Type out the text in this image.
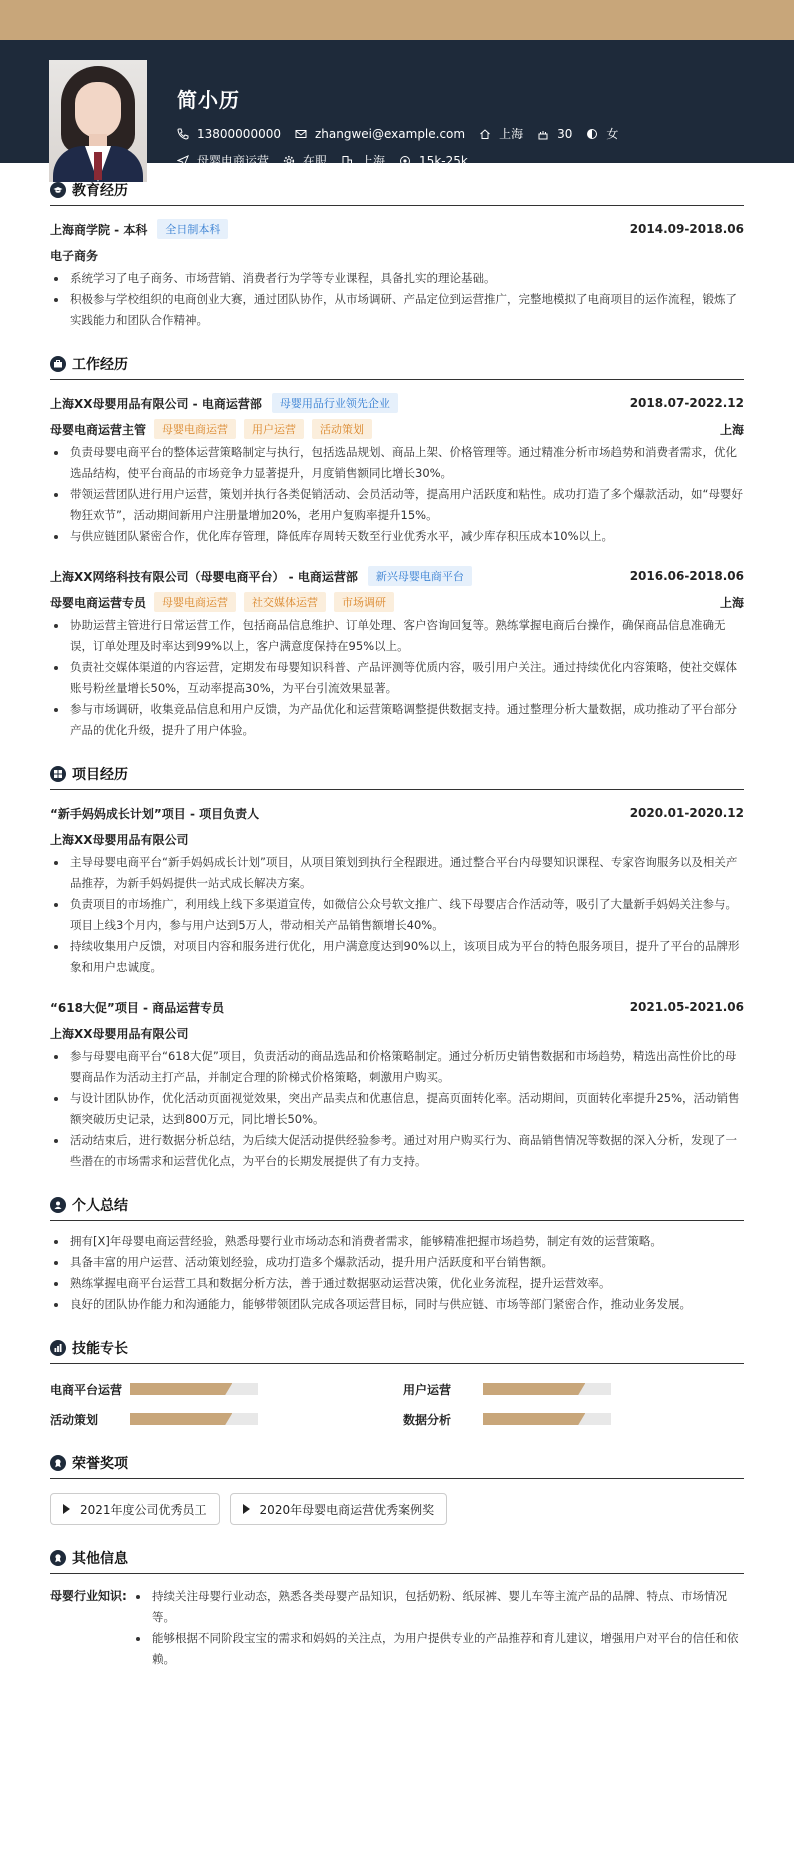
简小历
13800000000	zhangwei@example.com	上海	30	女
母婴电商运营	在职	上海	15k-25k
教育经历
上海商学院 - 本科	全日制本科	2014.09-2018.06
电子商务
系统学习了电子商务、市场营销、消费者行为学等专业课程，具备扎实的理论基础。
积极参与学校组织的电商创业大赛，通过团队协作，从市场调研、产品定位到运营推广，完整地模拟了电商项目的运作流程，锻炼了实践能力和团队合作精神。
工作经历
上海XX母婴用品有限公司 - 电商运营部	母婴用品行业领先企业	2018.07-2022.12
母婴电商运营主管	母婴电商运营	用户运营	活动策划	上海
负责母婴电商平台的整体运营策略制定与执行，包括选品规划、商品上架、价格管理等。通过精准分析市场趋势和消费者需求，优化选品结构，使平台商品的市场竞争力显著提升，月度销售额同比增长30%。
带领运营团队进行用户运营，策划并执行各类促销活动、会员活动等，提高用户活跃度和粘性。成功打造了多个爆款活动，如“母婴好物狂欢节”，活动期间新用户注册量增加20%，老用户复购率提升15%。
与供应链团队紧密合作，优化库存管理，降低库存周转天数至行业优秀水平，减少库存积压成本10%以上。
上海XX网络科技有限公司（母婴电商平台） - 电商运营部	新兴母婴电商平台	2016.06-2018.06
母婴电商运营专员	母婴电商运营	社交媒体运营	市场调研	上海
协助运营主管进行日常运营工作，包括商品信息维护、订单处理、客户咨询回复等。熟练掌握电商后台操作，确保商品信息准确无误，订单处理及时率达到99%以上，客户满意度保持在95%以上。
负责社交媒体渠道的内容运营，定期发布母婴知识科普、产品评测等优质内容，吸引用户关注。通过持续优化内容策略，使社交媒体账号粉丝量增长50%，互动率提高30%，为平台引流效果显著。
参与市场调研，收集竞品信息和用户反馈，为产品优化和运营策略调整提供数据支持。通过整理分析大量数据，成功推动了平台部分产品的优化升级，提升了用户体验。
项目经历
“新手妈妈成长计划”项目 - 项目负责人	2020.01-2020.12
上海XX母婴用品有限公司
主导母婴电商平台“新手妈妈成长计划”项目，从项目策划到执行全程跟进。通过整合平台内母婴知识课程、专家咨询服务以及相关产品推荐，为新手妈妈提供一站式成长解决方案。
负责项目的市场推广，利用线上线下多渠道宣传，如微信公众号软文推广、线下母婴店合作活动等，吸引了大量新手妈妈关注参与。项目上线3个月内，参与用户达到5万人，带动相关产品销售额增长40%。
持续收集用户反馈，对项目内容和服务进行优化，用户满意度达到90%以上，该项目成为平台的特色服务项目，提升了平台的品牌形象和用户忠诚度。
“618大促”项目 - 商品运营专员	2021.05-2021.06
上海XX母婴用品有限公司
参与母婴电商平台“618大促”项目，负责活动的商品选品和价格策略制定。通过分析历史销售数据和市场趋势，精选出高性价比的母婴商品作为活动主打产品，并制定合理的阶梯式价格策略，刺激用户购买。
与设计团队协作，优化活动页面视觉效果，突出产品卖点和优惠信息，提高页面转化率。活动期间，页面转化率提升25%，活动销售额突破历史记录，达到800万元，同比增长50%。
活动结束后，进行数据分析总结，为后续大促活动提供经验参考。通过对用户购买行为、商品销售情况等数据的深入分析，发现了一些潜在的市场需求和运营优化点，为平台的长期发展提供了有力支持。
个人总结
拥有[X]年母婴电商运营经验，熟悉母婴行业市场动态和消费者需求，能够精准把握市场趋势，制定有效的运营策略。
具备丰富的用户运营、活动策划经验，成功打造多个爆款活动，提升用户活跃度和平台销售额。
熟练掌握电商平台运营工具和数据分析方法，善于通过数据驱动运营决策，优化业务流程，提升运营效率。
良好的团队协作能力和沟通能力，能够带领团队完成各项运营目标，同时与供应链、市场等部门紧密合作，推动业务发展。
技能专长
电商平台运营	用户运营
活动策划	数据分析
荣誉奖项
2021年度公司优秀员工	2020年母婴电商运营优秀案例奖
其他信息
母婴行业知识:	持续关注母婴行业动态，熟悉各类母婴产品知识，包括奶粉、纸尿裤、婴儿车等主流产品的品牌、特点、市场情况等。
能够根据不同阶段宝宝的需求和妈妈的关注点，为用户提供专业的产品推荐和育儿建议，增强用户对平台的信任和依赖。
